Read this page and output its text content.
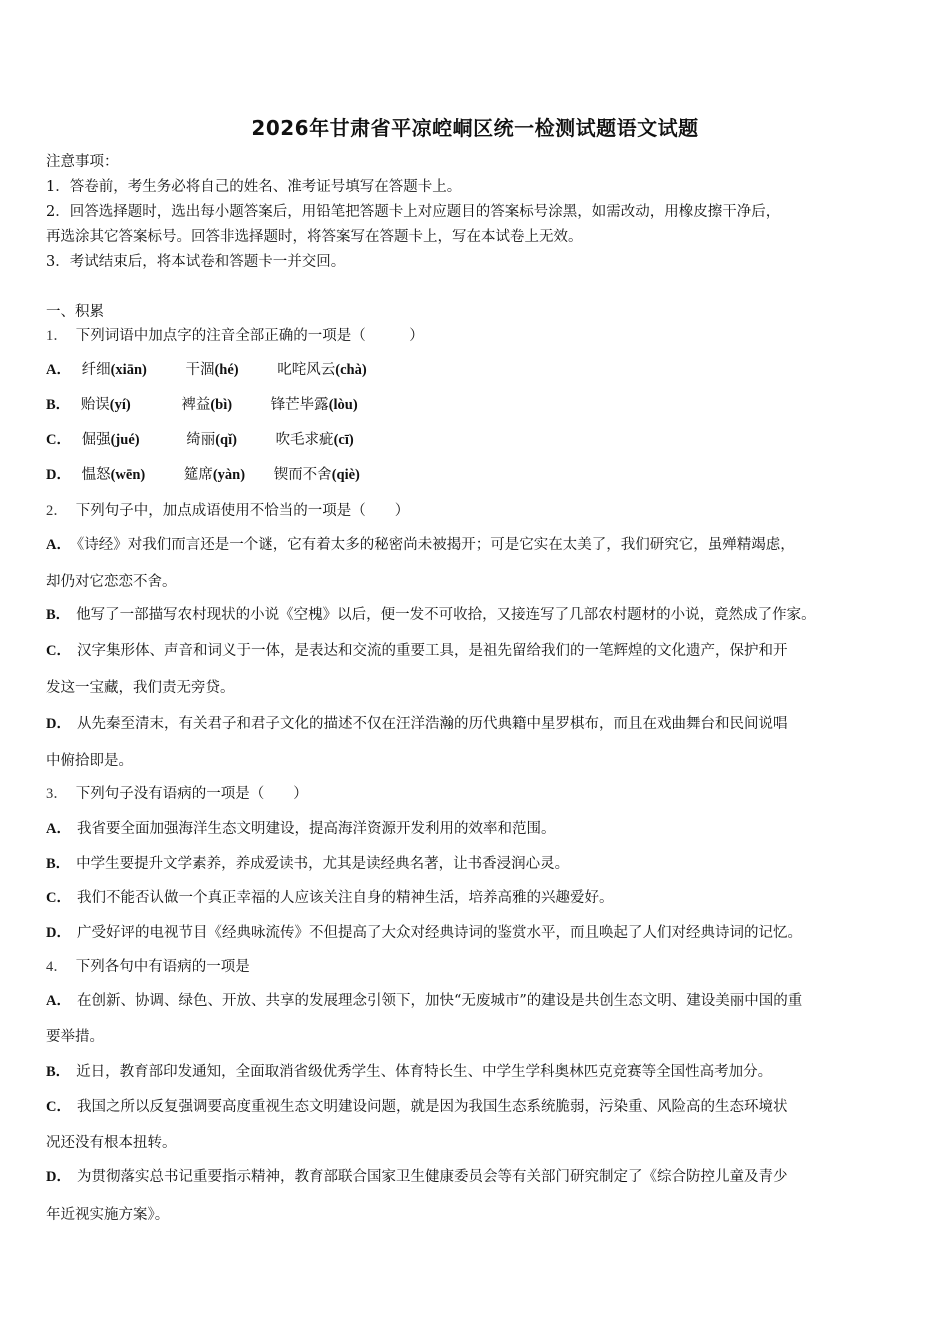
2026年甘肃省平凉崆峒区统一检测试题语文试题
注意事项：
1．答卷前，考生务必将自己的姓名、准考证号填写在答题卡上。
2．回答选择题时，选出每小题答案后，用铅笔把答题卡上对应题目的答案标号涂黑，如需改动，用橡皮擦干净后，
再选涂其它答案标号。回答非选择题时，将答案写在答题卡上，写在本试卷上无效。
3．考试结束后，将本试卷和答题卡一并交回。
一、积累
1． 下列词语中加点字的注音全部正确的一项是（　　　）
A． 纤细(xiān)	干涸(hé)	叱咤风云(chà)
B． 贻误(yí)	裨益(bì)	锋芒毕露(lòu)
C． 倔强(jué)	绮丽(qǐ)	吹毛求疵(cī)
D． 愠怒(wēn)	筵席(yàn) 锲而不舍(qiè)
2． 下列句子中，加点成语使用不恰当的一项是（　　）
A． 《诗经》对我们而言还是一个谜，它有着太多的秘密尚未被揭开；可是它实在太美了，我们研究它，虽殚精竭虑，
却仍对它恋恋不舍。
B． 他写了一部描写农村现状的小说《空槐》以后，便一发不可收拾，又接连写了几部农村题材的小说，竟然成了作家。
C． 汉字集形体、声音和词义于一体，是表达和交流的重要工具，是祖先留给我们的一笔辉煌的文化遗产，保护和开
发这一宝藏，我们责无旁贷。
D． 从先秦至清末，有关君子和君子文化的描述不仅在汪洋浩瀚的历代典籍中星罗棋布，而且在戏曲舞台和民间说唱
中俯拾即是。
3． 下列句子没有语病的一项是（　　）
A． 我省要全面加强海洋生态文明建设，提高海洋资源开发利用的效率和范围。
B． 中学生要提升文学素养，养成爱读书，尤其是读经典名著，让书香浸润心灵。
C． 我们不能否认做一个真正幸福的人应该关注自身的精神生活，培养高雅的兴趣爱好。
D． 广受好评的电视节目《经典咏流传》不但提高了大众对经典诗词的鉴赏水平，而且唤起了人们对经典诗词的记忆。
4． 下列各句中有语病的一项是
A． 在创新、协调、绿色、开放、共享的发展理念引领下，加快“无废城市”的建设是共创生态文明、建设美丽中国的重
要举措。
B． 近日，教育部印发通知，全面取消省级优秀学生、体育特长生、中学生学科奥林匹克竞赛等全国性高考加分。
C． 我国之所以反复强调要高度重视生态文明建设问题，就是因为我国生态系统脆弱，污染重、风险高的生态环境状
况还没有根本扭转。
D． 为贯彻落实总书记重要指示精神，教育部联合国家卫生健康委员会等有关部门研究制定了《综合防控儿童及青少
年近视实施方案》。
